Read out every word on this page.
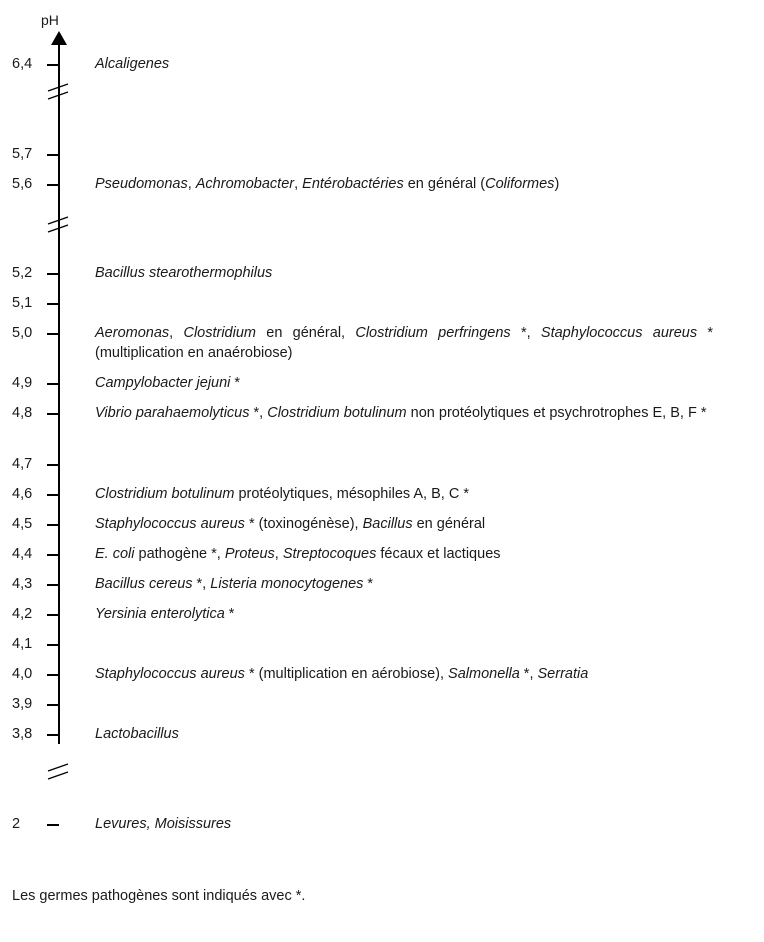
pH
6,4
5,7
5,6
5,2
5,1
5,0
4,9
4,8
4,7
4,6
4,5
4,4
4,3
4,2
4,1
4,0
3,9
3,8
2
Alcaligenes
Pseudomonas, Achromobacter, Entérobactéries en général (Coliformes)
Bacillus stearothermophilus
Aeromonas, Clostridium en général, Clostridium perfringens *, Staphylococcus aureus * (multiplication en anaérobiose)
Campylobacter jejuni *
Vibrio parahaemolyticus *, Clostridium botulinum non protéolytiques et psychrotrophes E, B, F *
Clostridium botulinum protéolytiques, mésophiles A, B, C *
Staphylococcus aureus * (toxinogénèse), Bacillus en général
E. coli pathogène *, Proteus, Streptocoques fécaux et lactiques
Bacillus cereus *, Listeria monocytogenes *
Yersinia enterolytica *
Staphylococcus aureus * (multiplication en aérobiose), Salmonella *, Serratia
Lactobacillus
Levures, Moisissures
Les germes pathogènes sont indiqués avec *.
